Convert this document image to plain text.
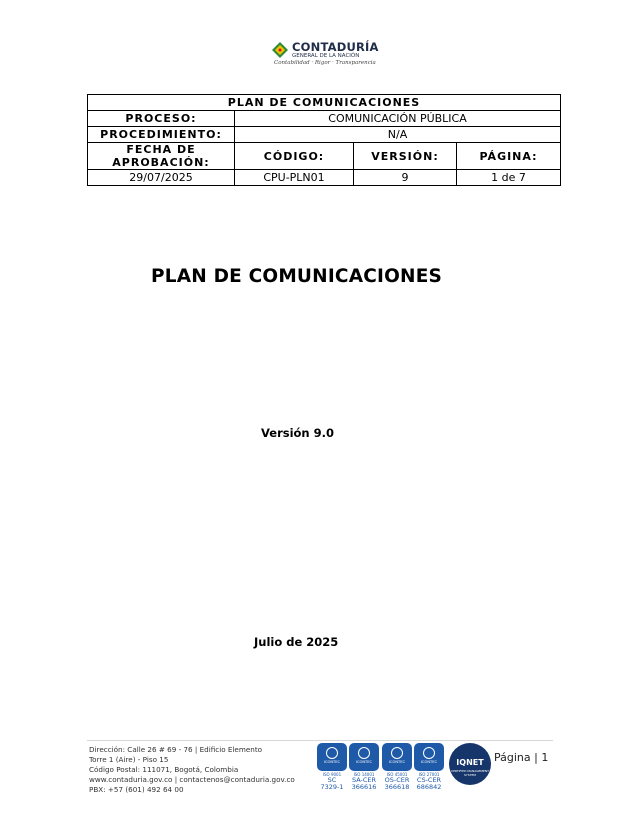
CONTADURÍA
GENERAL DE LA NACIÓN
Contabilidad · Rigor · Transparencia
PLAN DE COMUNICACIONES			
PROCESO:	COMUNICACIÓN PÚBLICA		
PROCEDIMIENTO:	N/A		
FECHA DE
APROBACIÓN:	CÓDIGO:	VERSIÓN:	PÁGINA:
29/07/2025	CPU-PLN01	9	1 de 7
PLAN DE COMUNICACIONES
Versión 9.0
Julio de 2025
Dirección: Calle 26 # 69 - 76 | Edificio Elemento
Torre 1 (Aire) - Piso 15
Código Postal: 111071, Bogotá, Colombia
www.contaduria.gov.co | contactenos@contaduria.gov.co
PBX: +57 (601) 492 64 00
ICONTEC
ISO 9001
SC
7329-1
ICONTEC
ISO 14001
SA-CER
366616
ICONTEC
ISO 45001
OS-CER
366618
ICONTEC
ISO 27001
CS-CER
686842
IQNET
CERTIFIED MANAGEMENT SYSTEM
Página | 1
